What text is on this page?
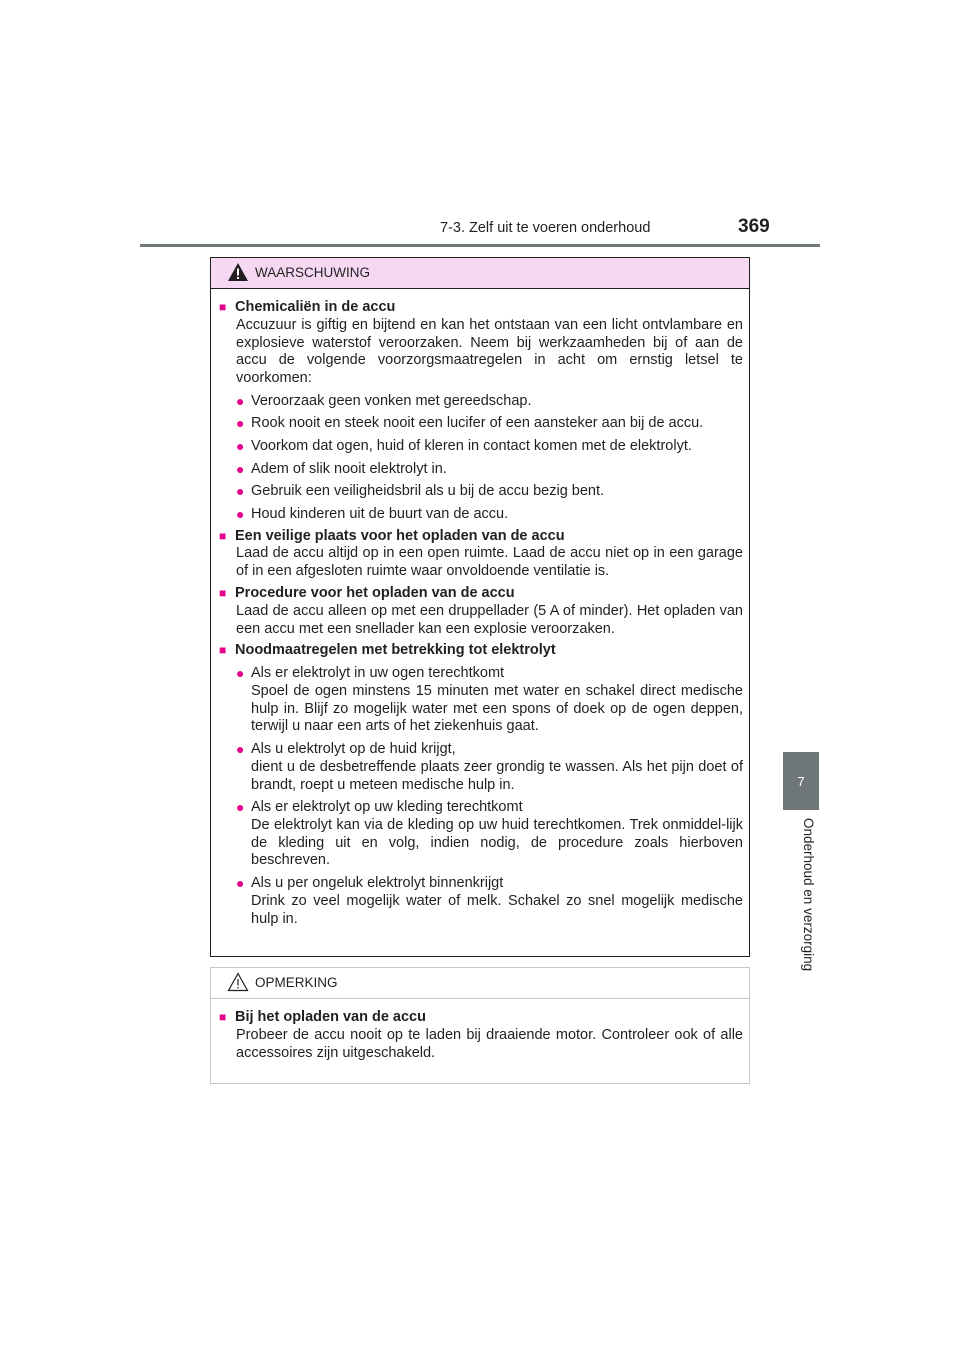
7-3. Zelf uit te voeren onderhoud	369
7
Onderhoud en verzorging
WAARSCHUWING
■ Chemicaliën in de accu
Accuzuur is giftig en bijtend en kan het ontstaan van een licht ontvlambare en explosieve waterstof veroorzaken. Neem bij werkzaamheden bij of aan de accu de volgende voorzorgsmaatregelen in acht om ernstig letsel te voorkomen:
● Veroorzaak geen vonken met gereedschap.
● Rook nooit en steek nooit een lucifer of een aansteker aan bij de accu.
● Voorkom dat ogen, huid of kleren in contact komen met de elektrolyt.
● Adem of slik nooit elektrolyt in.
● Gebruik een veiligheidsbril als u bij de accu bezig bent.
● Houd kinderen uit de buurt van de accu.
■ Een veilige plaats voor het opladen van de accu
Laad de accu altijd op in een open ruimte. Laad de accu niet op in een garage of in een afgesloten ruimte waar onvoldoende ventilatie is.
■ Procedure voor het opladen van de accu
Laad de accu alleen op met een druppellader (5 A of minder). Het opladen van een accu met een snellader kan een explosie veroorzaken.
■ Noodmaatregelen met betrekking tot elektrolyt
● Als er elektrolyt in uw ogen terechtkomt
Spoel de ogen minstens 15 minuten met water en schakel direct medische hulp in. Blijf zo mogelijk water met een spons of doek op de ogen deppen, terwijl u naar een arts of het ziekenhuis gaat.
● Als u elektrolyt op de huid krijgt,
dient u de desbetreffende plaats zeer grondig te wassen. Als het pijn doet of brandt, roept u meteen medische hulp in.
● Als er elektrolyt op uw kleding terechtkomt
De elektrolyt kan via de kleding op uw huid terechtkomen. Trek onmiddel-lijk de kleding uit en volg, indien nodig, de procedure zoals hierboven beschreven.
● Als u per ongeluk elektrolyt binnenkrijgt
Drink zo veel mogelijk water of melk. Schakel zo snel mogelijk medische hulp in.
OPMERKING
■ Bij het opladen van de accu
Probeer de accu nooit op te laden bij draaiende motor. Controleer ook of alle accessoires zijn uitgeschakeld.
